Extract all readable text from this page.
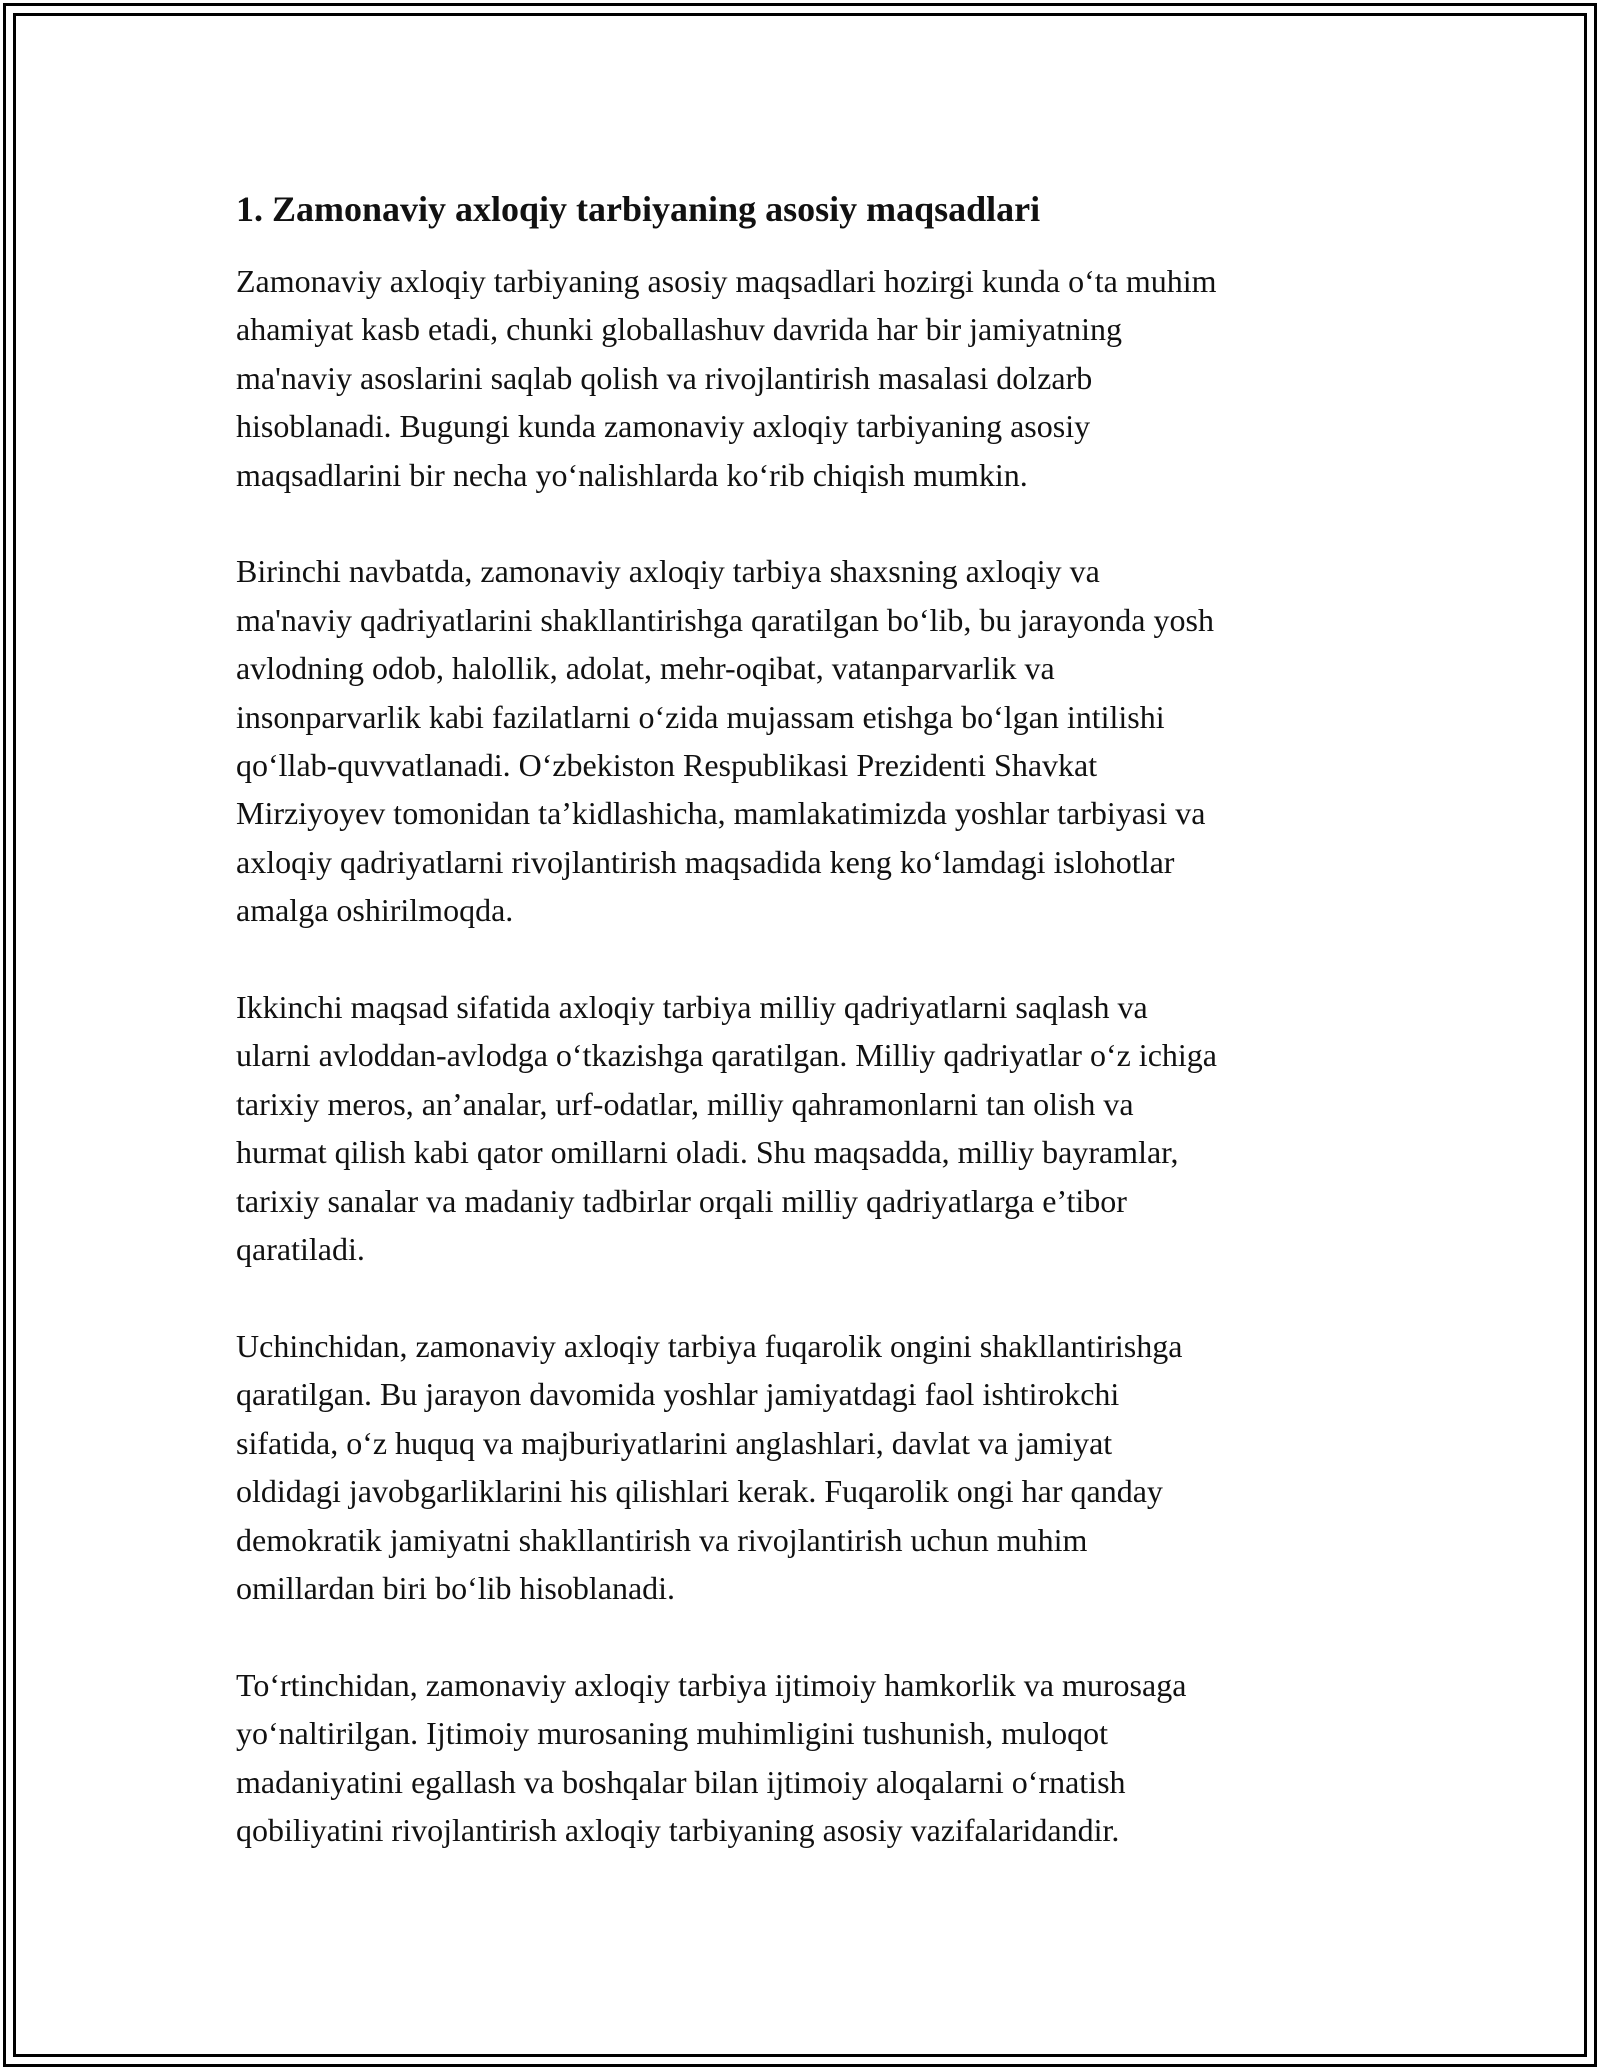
1. Zamonaviy axloqiy tarbiyaning asosiy maqsadlari

Zamonaviy axloqiy tarbiyaning asosiy maqsadlari hozirgi kunda o‘ta muhim
ahamiyat kasb etadi, chunki globallashuv davrida har bir jamiyatning
ma'naviy asoslarini saqlab qolish va rivojlantirish masalasi dolzarb
hisoblanadi. Bugungi kunda zamonaviy axloqiy tarbiyaning asosiy
maqsadlarini bir necha yo‘nalishlarda ko‘rib chiqish mumkin.

Birinchi navbatda, zamonaviy axloqiy tarbiya shaxsning axloqiy va
ma'naviy qadriyatlarini shakllantirishga qaratilgan bo‘lib, bu jarayonda yosh
avlodning odob, halollik, adolat, mehr-oqibat, vatanparvarlik va
insonparvarlik kabi fazilatlarni o‘zida mujassam etishga bo‘lgan intilishi
qo‘llab-quvvatlanadi. O‘zbekiston Respublikasi Prezidenti Shavkat
Mirziyoyev tomonidan ta’kidlashicha, mamlakatimizda yoshlar tarbiyasi va
axloqiy qadriyatlarni rivojlantirish maqsadida keng ko‘lamdagi islohotlar
amalga oshirilmoqda.

Ikkinchi maqsad sifatida axloqiy tarbiya milliy qadriyatlarni saqlash va
ularni avloddan-avlodga o‘tkazishga qaratilgan. Milliy qadriyatlar o‘z ichiga
tarixiy meros, an’analar, urf-odatlar, milliy qahramonlarni tan olish va
hurmat qilish kabi qator omillarni oladi. Shu maqsadda, milliy bayramlar,
tarixiy sanalar va madaniy tadbirlar orqali milliy qadriyatlarga e’tibor
qaratiladi.

Uchinchidan, zamonaviy axloqiy tarbiya fuqarolik ongini shakllantirishga
qaratilgan. Bu jarayon davomida yoshlar jamiyatdagi faol ishtirokchi
sifatida, o‘z huquq va majburiyatlarini anglashlari, davlat va jamiyat
oldidagi javobgarliklarini his qilishlari kerak. Fuqarolik ongi har qanday
demokratik jamiyatni shakllantirish va rivojlantirish uchun muhim
omillardan biri bo‘lib hisoblanadi.

To‘rtinchidan, zamonaviy axloqiy tarbiya ijtimoiy hamkorlik va murosaga
yo‘naltirilgan. Ijtimoiy murosaning muhimligini tushunish, muloqot
madaniyatini egallash va boshqalar bilan ijtimoiy aloqalarni o‘rnatish
qobiliyatini rivojlantirish axloqiy tarbiyaning asosiy vazifalaridandir.
